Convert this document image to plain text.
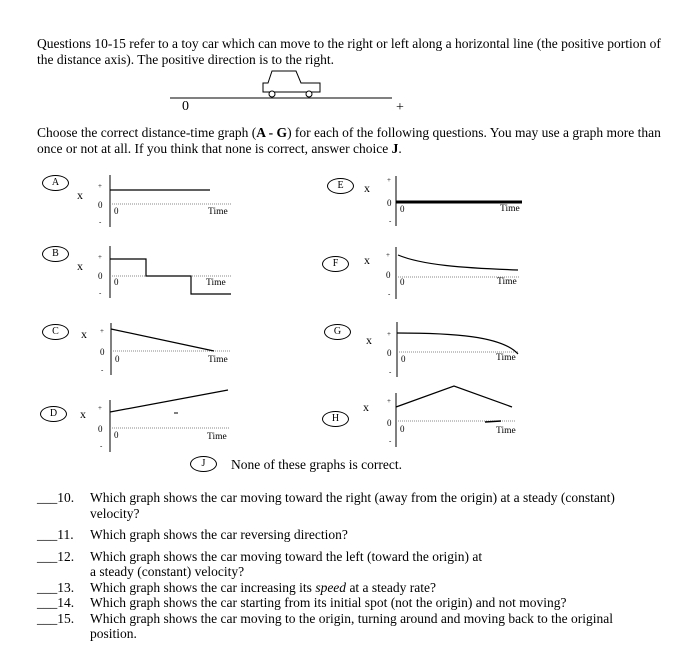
Questions 10-15 refer to a toy car which can move to the right or left along a horizontal line (the positive portion of the distance axis). The positive direction is to the right.
0	+
Choose the correct distance-time graph (A - G) for each of the following questions. You may use a graph more than once or not at all. If you think that none is correct, answer choice J.
A
x
+
0
-
0	Time
B
x
+
0
-
0	Time
C	x +
0
-
0	Time
D	x +
0
-
0	Time
E	x
+
0
-
0	Time
F	x +
0
-
0	Time
G
x +
0
-
0	Time
H
x	+
0
-
0	Time
J None of these graphs is correct.
___10. Which graph shows the car moving toward the right (away from the origin) at a steady (constant) velocity?
___11. Which graph shows the car reversing direction?
___12. Which graph shows the car moving toward the left (toward the origin) at a steady (constant) velocity?
___13. Which graph shows the car increasing its speed at a steady rate?
___14. Which graph shows the car starting from its initial spot (not the origin) and not moving?
___15. Which graph shows the car moving to the origin, turning around and moving back to the original position.
